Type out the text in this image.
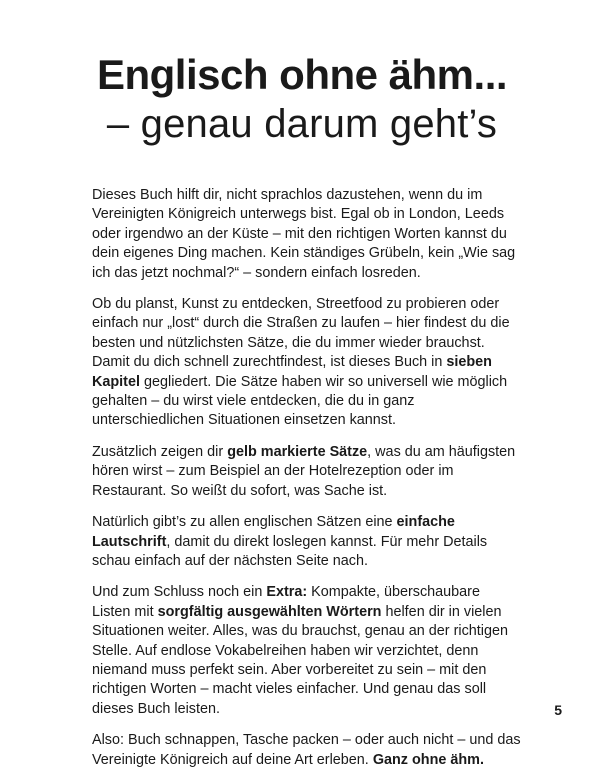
Englisch ohne ähm...
– genau darum geht’s

Dieses Buch hilft dir, nicht sprachlos dazustehen, wenn du im Vereinigten Königreich unterwegs bist. Egal ob in London, Leeds oder irgendwo an der Küste – mit den richtigen Worten kannst du dein eigenes Ding machen. Kein ständiges Grübeln, kein „Wie sag ich das jetzt nochmal?“ – sondern einfach losreden.

Ob du planst, Kunst zu entdecken, Streetfood zu probieren oder einfach nur „lost“ durch die Straßen zu laufen – hier findest du die besten und nützlichsten Sätze, die du immer wieder brauchst. Damit du dich schnell zurechtfindest, ist dieses Buch in sieben Kapitel gegliedert. Die Sätze haben wir so universell wie möglich gehalten – du wirst viele entdecken, die du in ganz unterschiedlichen Situationen einsetzen kannst.

Zusätzlich zeigen dir gelb markierte Sätze, was du am häufigsten hören wirst – zum Beispiel an der Hotelrezeption oder im Restaurant. So weißt du sofort, was Sache ist.

Natürlich gibt’s zu allen englischen Sätzen eine einfache Lautschrift, damit du direkt loslegen kannst. Für mehr Details schau einfach auf der nächsten Seite nach.

Und zum Schluss noch ein Extra: Kompakte, überschaubare Listen mit sorgfältig ausgewählten Wörtern helfen dir in vielen Situationen weiter. Alles, was du brauchst, genau an der richtigen Stelle. Auf endlose Vokabelreihen haben wir verzichtet, denn niemand muss perfekt sein. Aber vorbereitet zu sein – mit den richtigen Worten – macht vieles einfacher. Und genau das soll dieses Buch leisten.

Also: Buch schnappen, Tasche packen – oder auch nicht – und das Vereinigte Königreich auf deine Art erleben. Ganz ohne ähm.

5
